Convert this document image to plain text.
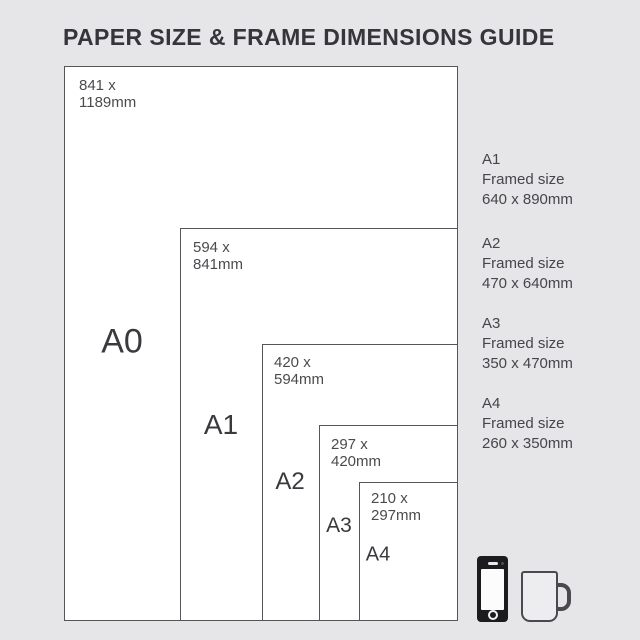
PAPER SIZE & FRAME DIMENSIONS GUIDE
841 x
1189mm
594 x
841mm
420 x
594mm
297 x
420mm
210 x
297mm
A0
A1
A2
A3
A4
A1
Framed size
640 x 890mm
A2
Framed size
470 x 640mm
A3
Framed size
350 x 470mm
A4
Framed size
260 x 350mm
